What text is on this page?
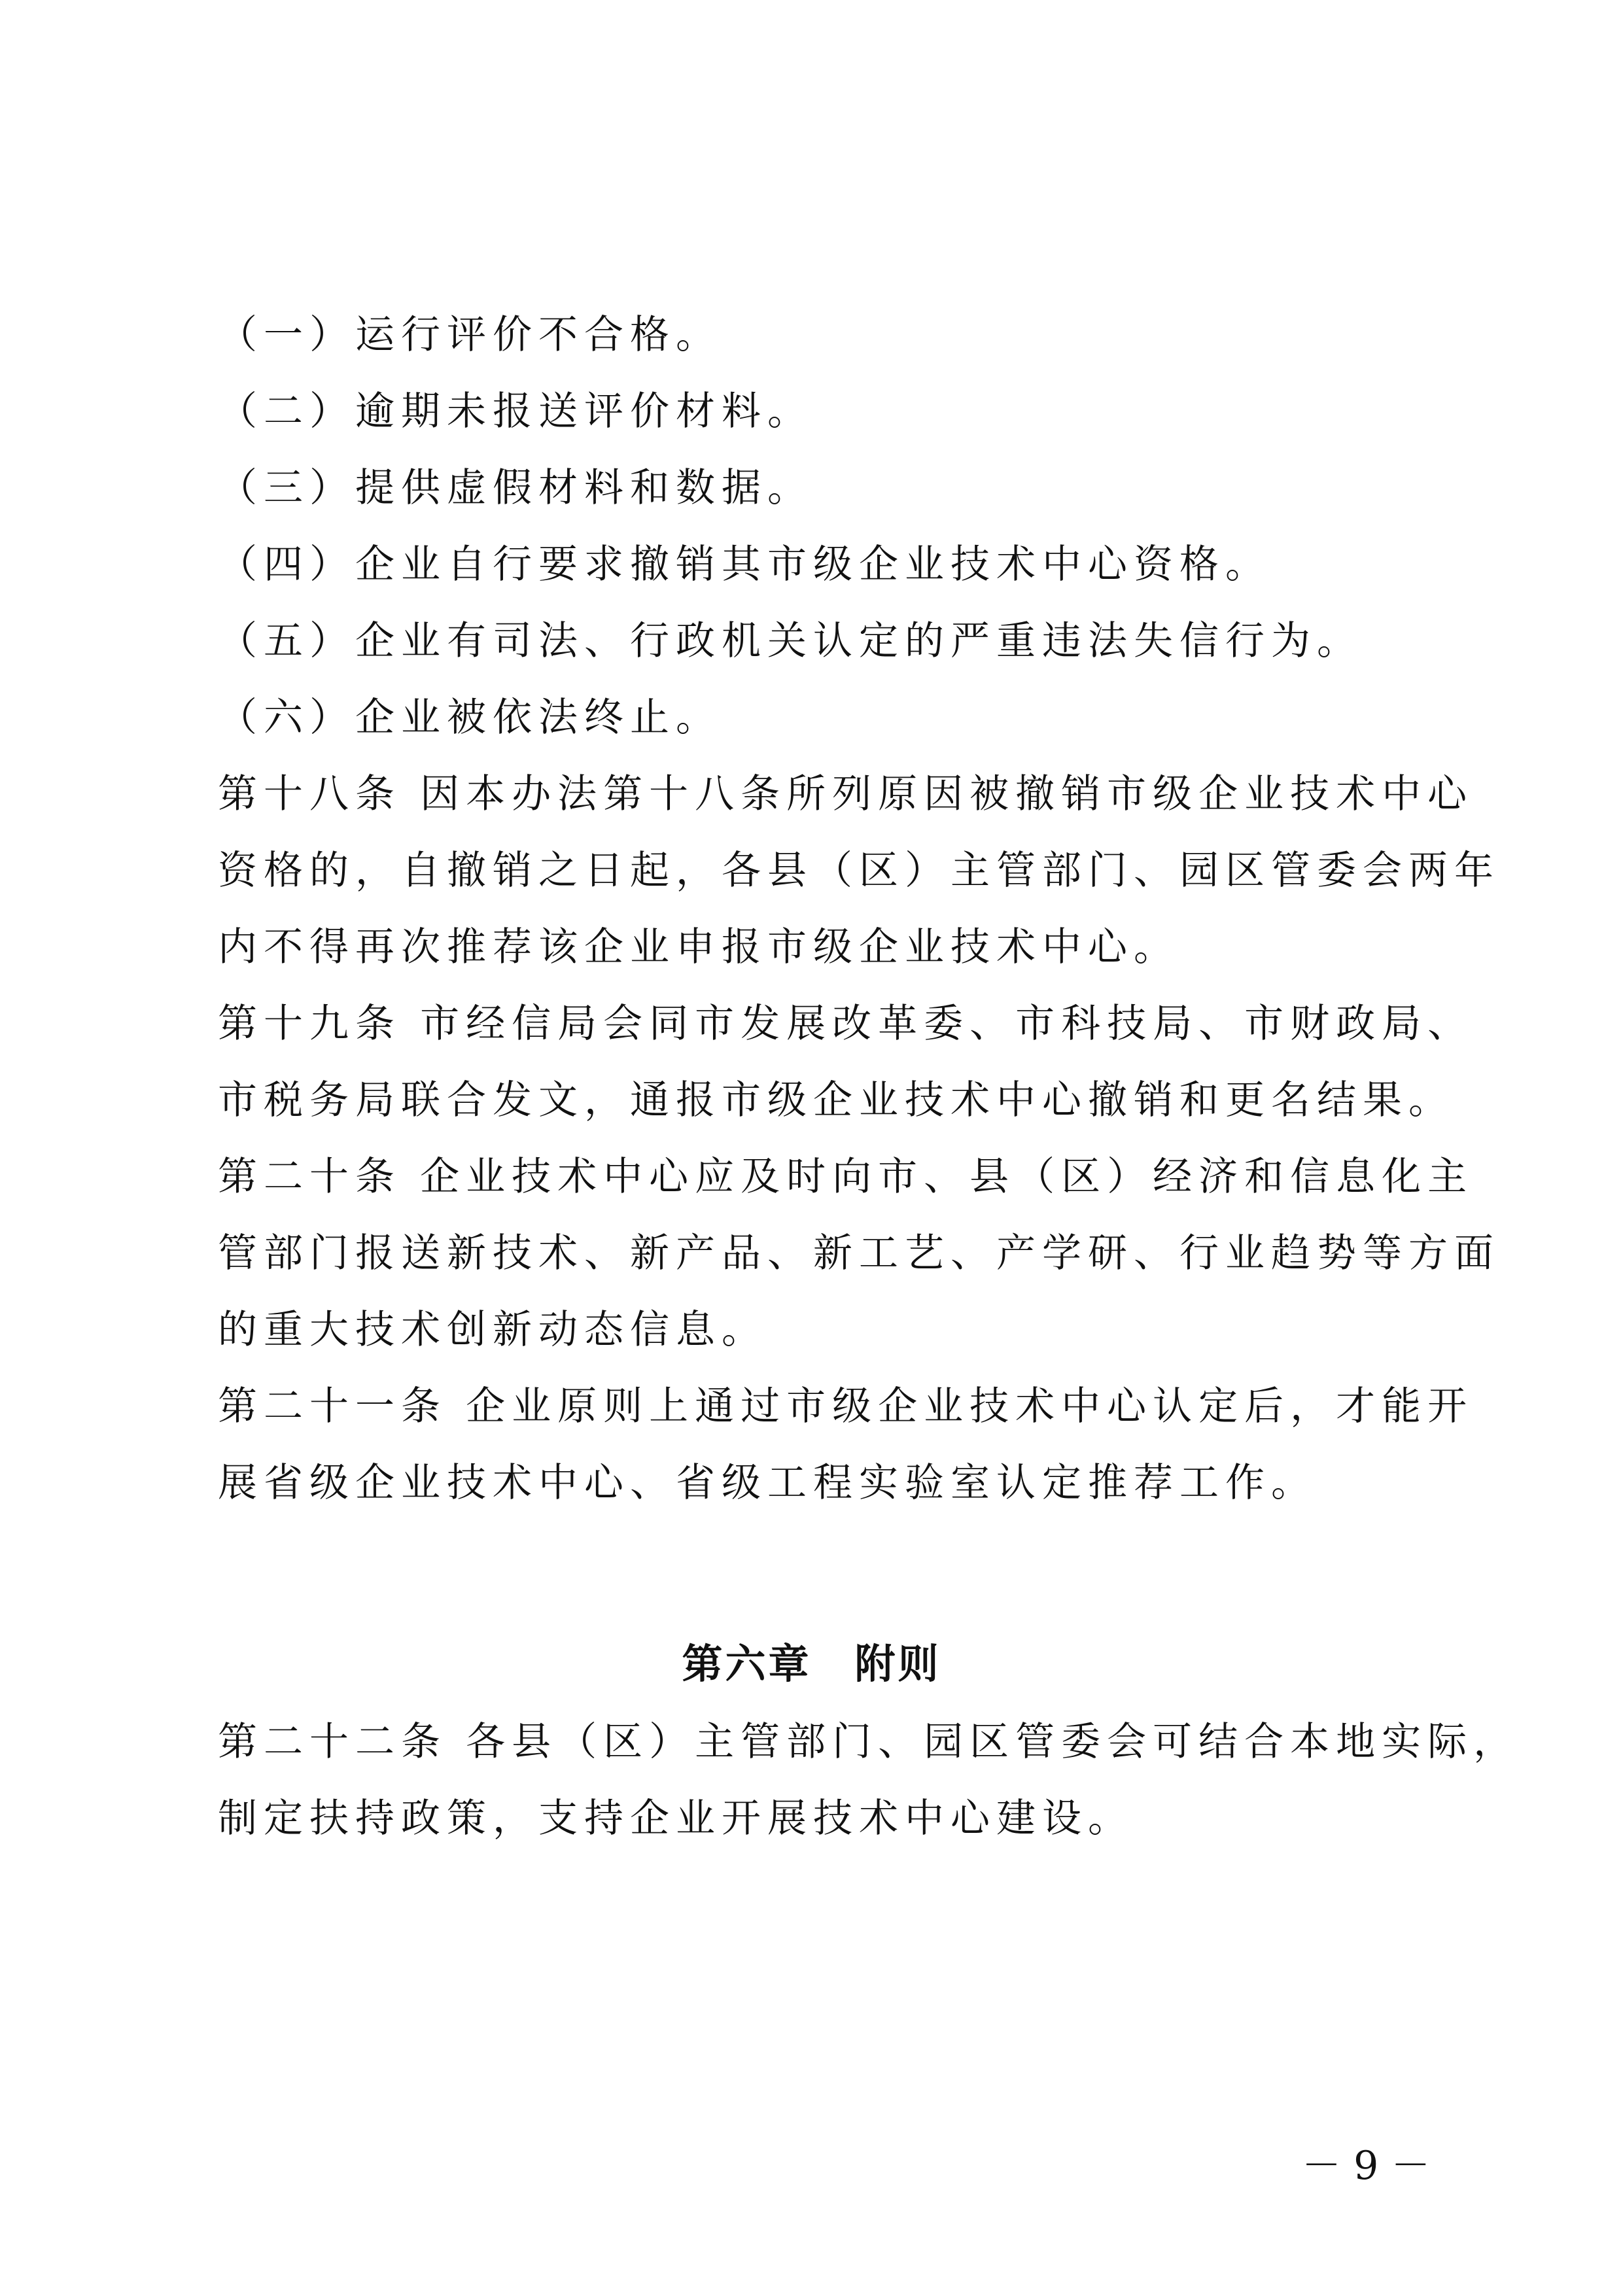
（一）运行评价不合格。
（二）逾期未报送评价材料。
（三）提供虚假材料和数据。
（四）企业自行要求撤销其市级企业技术中心资格。
（五）企业有司法、行政机关认定的严重违法失信行为。
（六）企业被依法终止。
第十八条 因本办法第十八条所列原因被撤销市级企业技术中心
资格的，自撤销之日起，各县（区）主管部门、园区管委会两年
内不得再次推荐该企业申报市级企业技术中心。
第十九条 市经信局会同市发展改革委、市科技局、市财政局、
市税务局联合发文，通报市级企业技术中心撤销和更名结果。
第二十条 企业技术中心应及时向市、县（区）经济和信息化主
管部门报送新技术、新产品、新工艺、产学研、行业趋势等方面
的重大技术创新动态信息。
第二十一条 企业原则上通过市级企业技术中心认定后，才能开
展省级企业技术中心、省级工程实验室认定推荐工作。
第六章　附则
第二十二条 各县（区）主管部门、园区管委会可结合本地实际，
制定扶持政策，支持企业开展技术中心建设。
－ 9 －
